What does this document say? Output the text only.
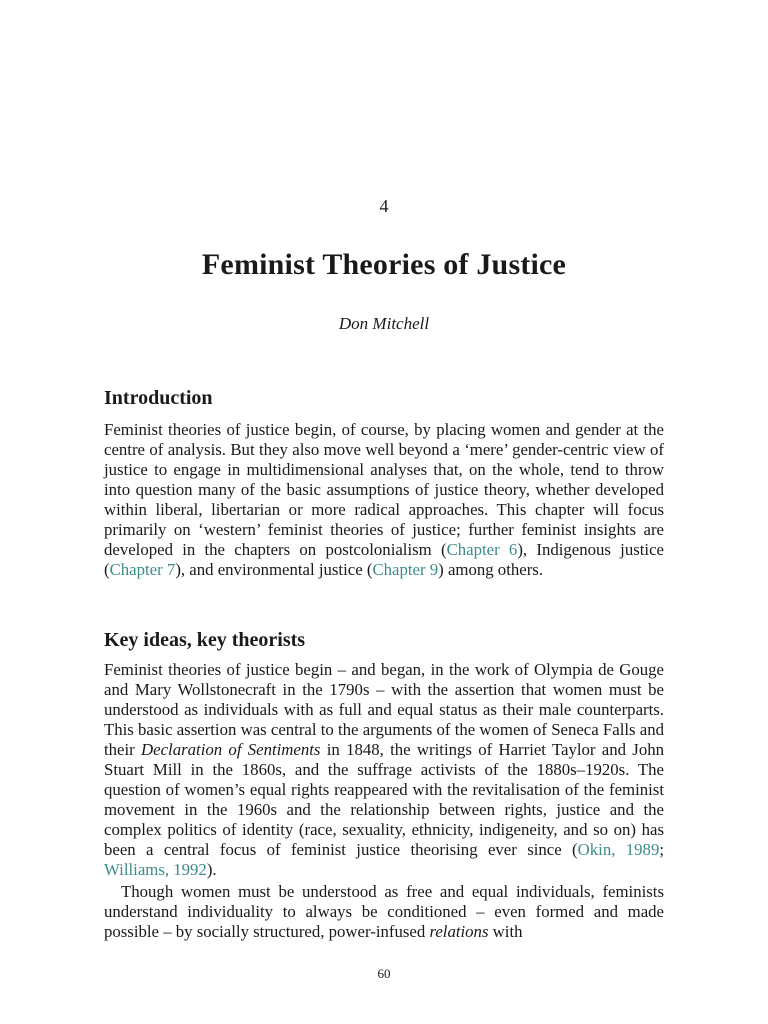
4

Feminist Theories of Justice

Don Mitchell

Introduction

Feminist theories of justice begin, of course, by placing women and gender at the centre of analysis. But they also move well beyond a ‘mere’ gender-centric view of justice to engage in multidimensional analyses that, on the whole, tend to throw into question many of the basic assumptions of justice theory, whether developed within liberal, libertarian or more radical approaches. This chapter will focus primarily on ‘western’ feminist theories of justice; further feminist insights are developed in the chapters on postcolonialism (Chapter 6), Indigenous justice (Chapter 7), and environmental justice (Chapter 9) among others.

Key ideas, key theorists

Feminist theories of justice begin – and began, in the work of Olympia de Gouge and Mary Wollstonecraft in the 1790s – with the assertion that women must be understood as individuals with as full and equal status as their male counterparts. This basic assertion was central to the arguments of the women of Seneca Falls and their Declaration of Sentiments in 1848, the writings of Harriet Taylor and John Stuart Mill in the 1860s, and the suffrage activists of the 1880s–1920s. The question of women’s equal rights reappeared with the revitalisation of the feminist movement in the 1960s and the relationship between rights, justice and the complex politics of identity (race, sexuality, ethnicity, indigeneity, and so on) has been a central focus of feminist justice theorising ever since (Okin, 1989; Williams, 1992).

Though women must be understood as free and equal individuals, feminists understand individuality to always be conditioned – even formed and made possible – by socially structured, power-infused relations with

60
